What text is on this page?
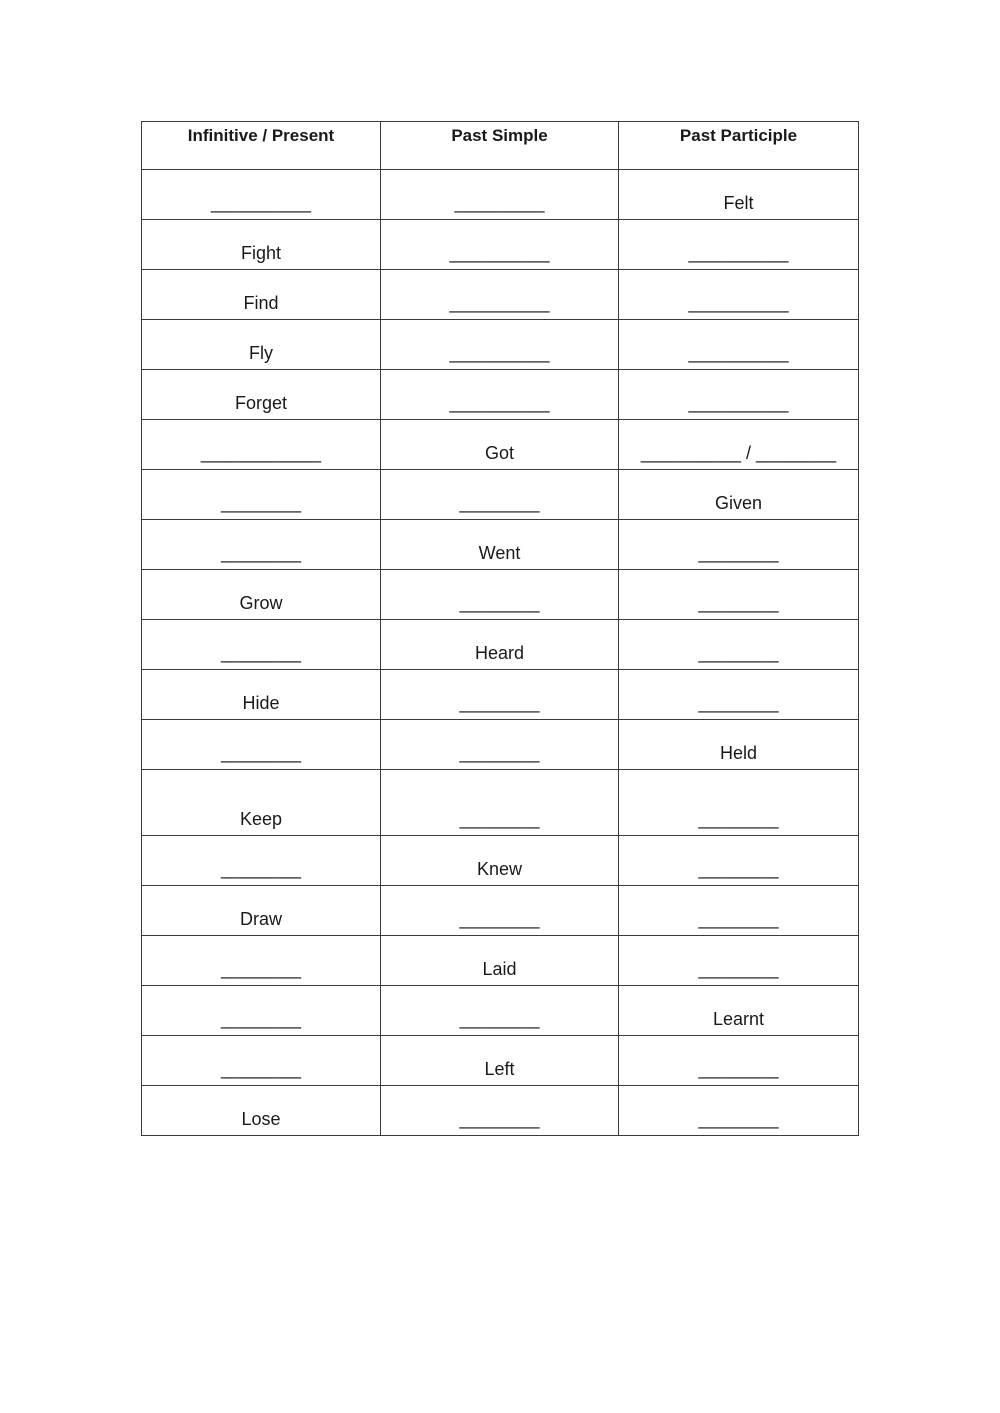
Infinitive / Present	Past Simple	Past Participle
__________	_________	Felt
Fight	__________	__________
Find	__________	__________
Fly	__________	__________
Forget	__________	__________
____________	Got	__________ / ________
________	________	Given
________	Went	________
Grow	________	________
________	Heard	________
Hide	________	________
________	________	Held
Keep	________	________
________	Knew	________
Draw	________	________
________	Laid	________
________	________	Learnt
________	Left	________
Lose	________	________
